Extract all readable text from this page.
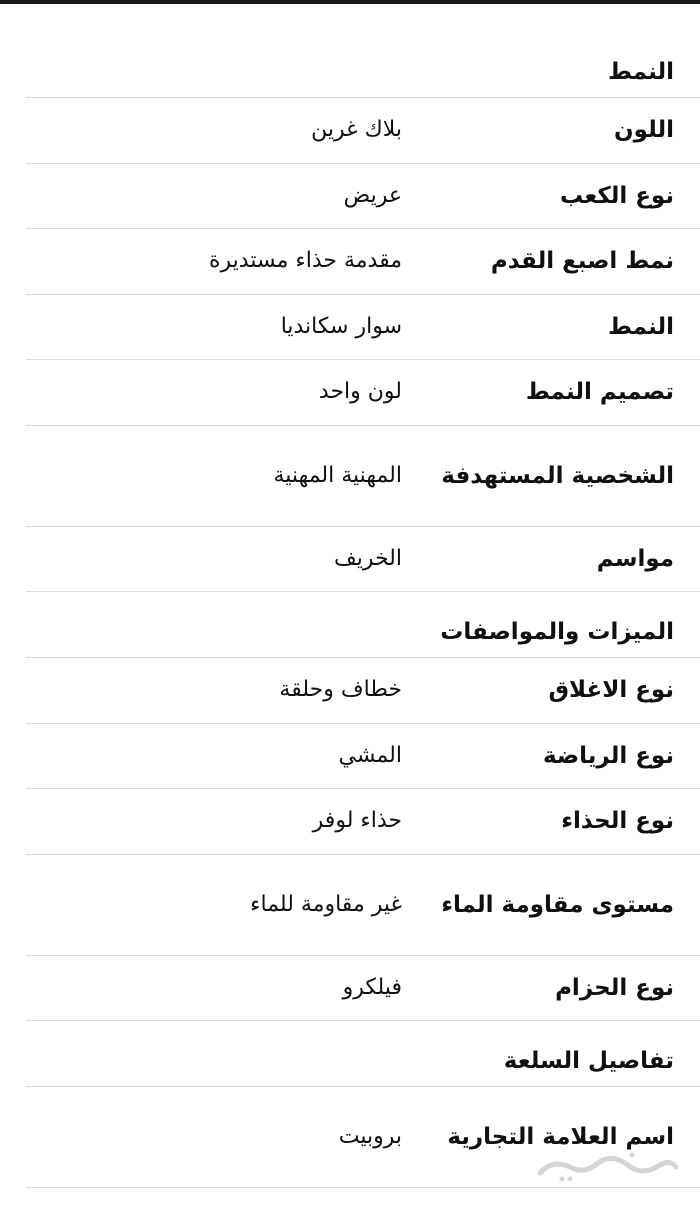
النمط
اللون
بلاك غرين
نوع الكعب
عريض
نمط اصبع القدم
مقدمة حذاء مستديرة
النمط
سوار سكانديا
تصميم النمط
لون واحد
الشخصية المستهدفة
المهنية المهنية
مواسم
الخريف
الميزات والمواصفات
نوع الاغلاق
خطاف وحلقة
نوع الرياضة
المشي
نوع الحذاء
حذاء لوفر
مستوى مقاومة الماء
غير مقاومة للماء
نوع الحزام
فيلكرو
تفاصيل السلعة
اسم العلامة التجارية
بروبيت
